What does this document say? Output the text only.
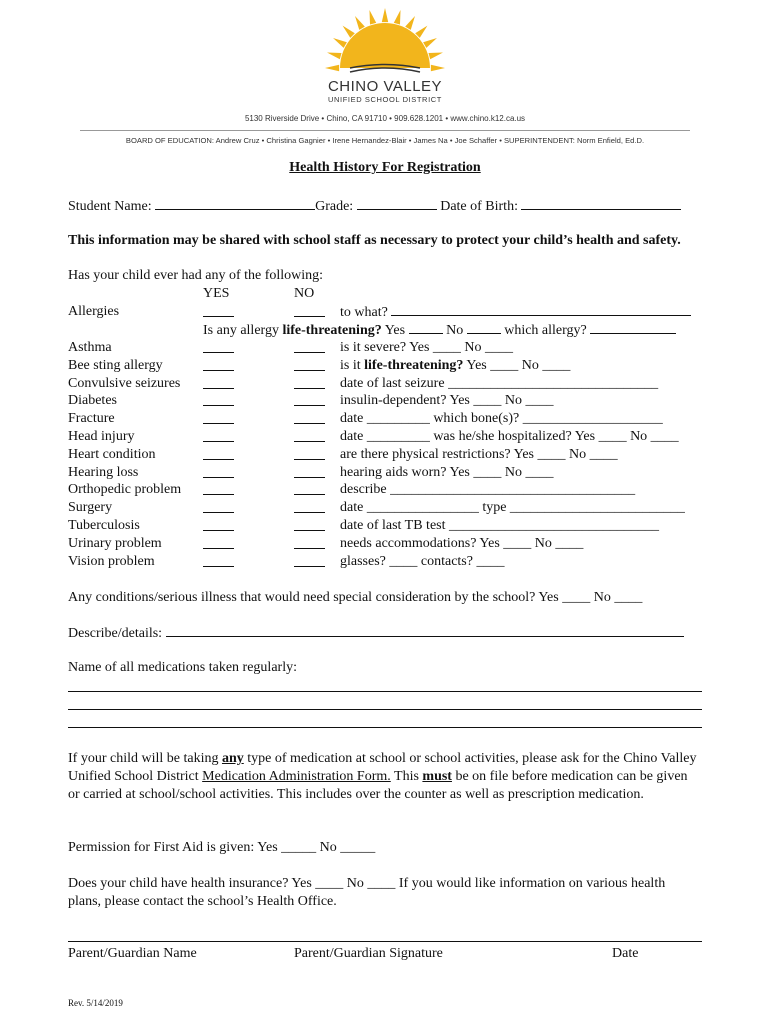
CHINO VALLEY
UNIFIED SCHOOL DISTRICT
5130 Riverside Drive • Chino, CA 91710 • 909.628.1201 • www.chino.k12.ca.us
BOARD OF EDUCATION: Andrew Cruz • Christina Gagnier • Irene Hernandez-Blair • James Na • Joe Schaffer • SUPERINTENDENT: Norm Enfield, Ed.D.
Health History For Registration
Student Name:	Grade:	Date of Birth:
This information may be shared with school staff as necessary to protect your child’s health and safety.
Has your child ever had any of the following:
YES	NO
Allergies	to what?
Is any allergy life-threatening? Yes	No	which allergy?
Asthma	is it severe? Yes ____ No ____
Bee sting allergy	is it life-threatening? Yes ____ No ____
Convulsive seizures	date of last seizure ______________________________
Diabetes	insulin-dependent? Yes ____ No ____
Fracture	date _________ which bone(s)? ____________________
Head injury	date _________ was he/she hospitalized? Yes ____ No ____
Heart condition	are there physical restrictions? Yes ____ No ____
Hearing loss	hearing aids worn? Yes ____ No ____
Orthopedic problem	describe ___________________________________
Surgery	date ________________ type _________________________
Tuberculosis	date of last TB test ______________________________
Urinary problem	needs accommodations? Yes ____ No ____
Vision problem	glasses? ____ contacts? ____
Any conditions/serious illness that would need special consideration by the school? Yes ____ No ____
Describe/details:
Name of all medications taken regularly:
If your child will be taking any type of medication at school or school activities, please ask for the Chino Valley Unified School District Medication Administration Form. This must be on file before medication can be given or carried at school/school activities. This includes over the counter as well as prescription medication.
Permission for First Aid is given: Yes _____ No _____
Does your child have health insurance? Yes ____ No ____ If you would like information on various health plans, please contact the school’s Health Office.
Parent/Guardian Name	Parent/Guardian Signature	Date
Rev. 5/14/2019
